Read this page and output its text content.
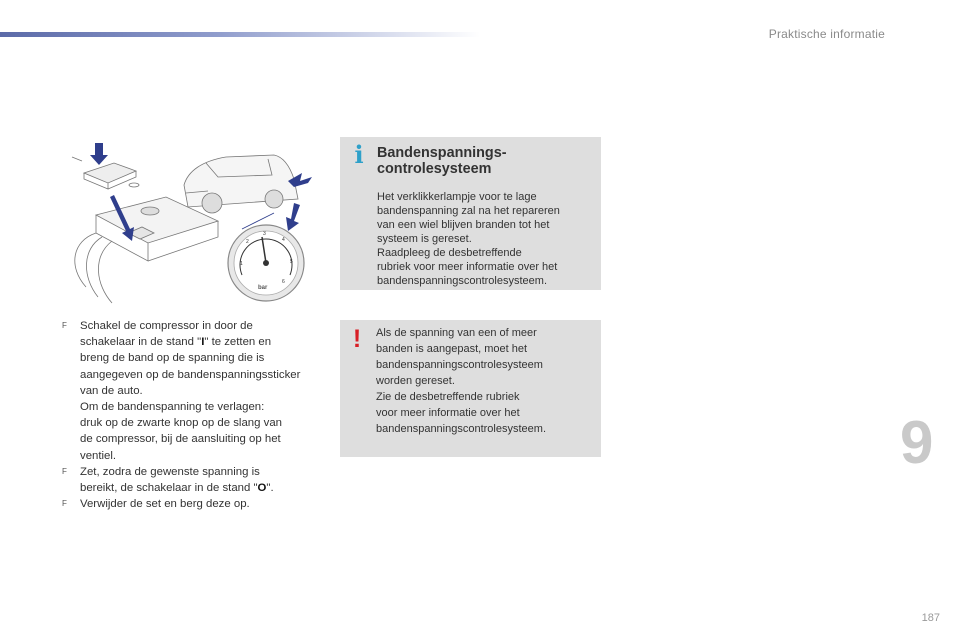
Praktische informatie
1
2
3
4
5
6
bar
F Schakel de compressor in door de
schakelaar in de stand "I" te zetten en
breng de band op de spanning die is
aangegeven op de bandenspanningssticker
van de auto.
Om de bandenspanning te verlagen:
druk op de zwarte knop op de slang van
de compressor, bij de aansluiting op het
ventiel.
F Zet, zodra de gewenste spanning is
bereikt, de schakelaar in de stand "O".
F Verwijder de set en berg deze op.
i Bandenspannings-
controlesysteem
Het verklikkerlampje voor te lage
bandenspanning zal na het repareren
van een wiel blijven branden tot het
systeem is gereset.
Raadpleeg de desbetreffende
rubriek voor meer informatie over het
bandenspanningscontrolesysteem.
! Als de spanning van een of meer
banden is aangepast, moet het
bandenspanningscontrolesysteem
worden gereset.
Zie de desbetreffende rubriek
voor meer informatie over het
bandenspanningscontrolesysteem.	9
187
